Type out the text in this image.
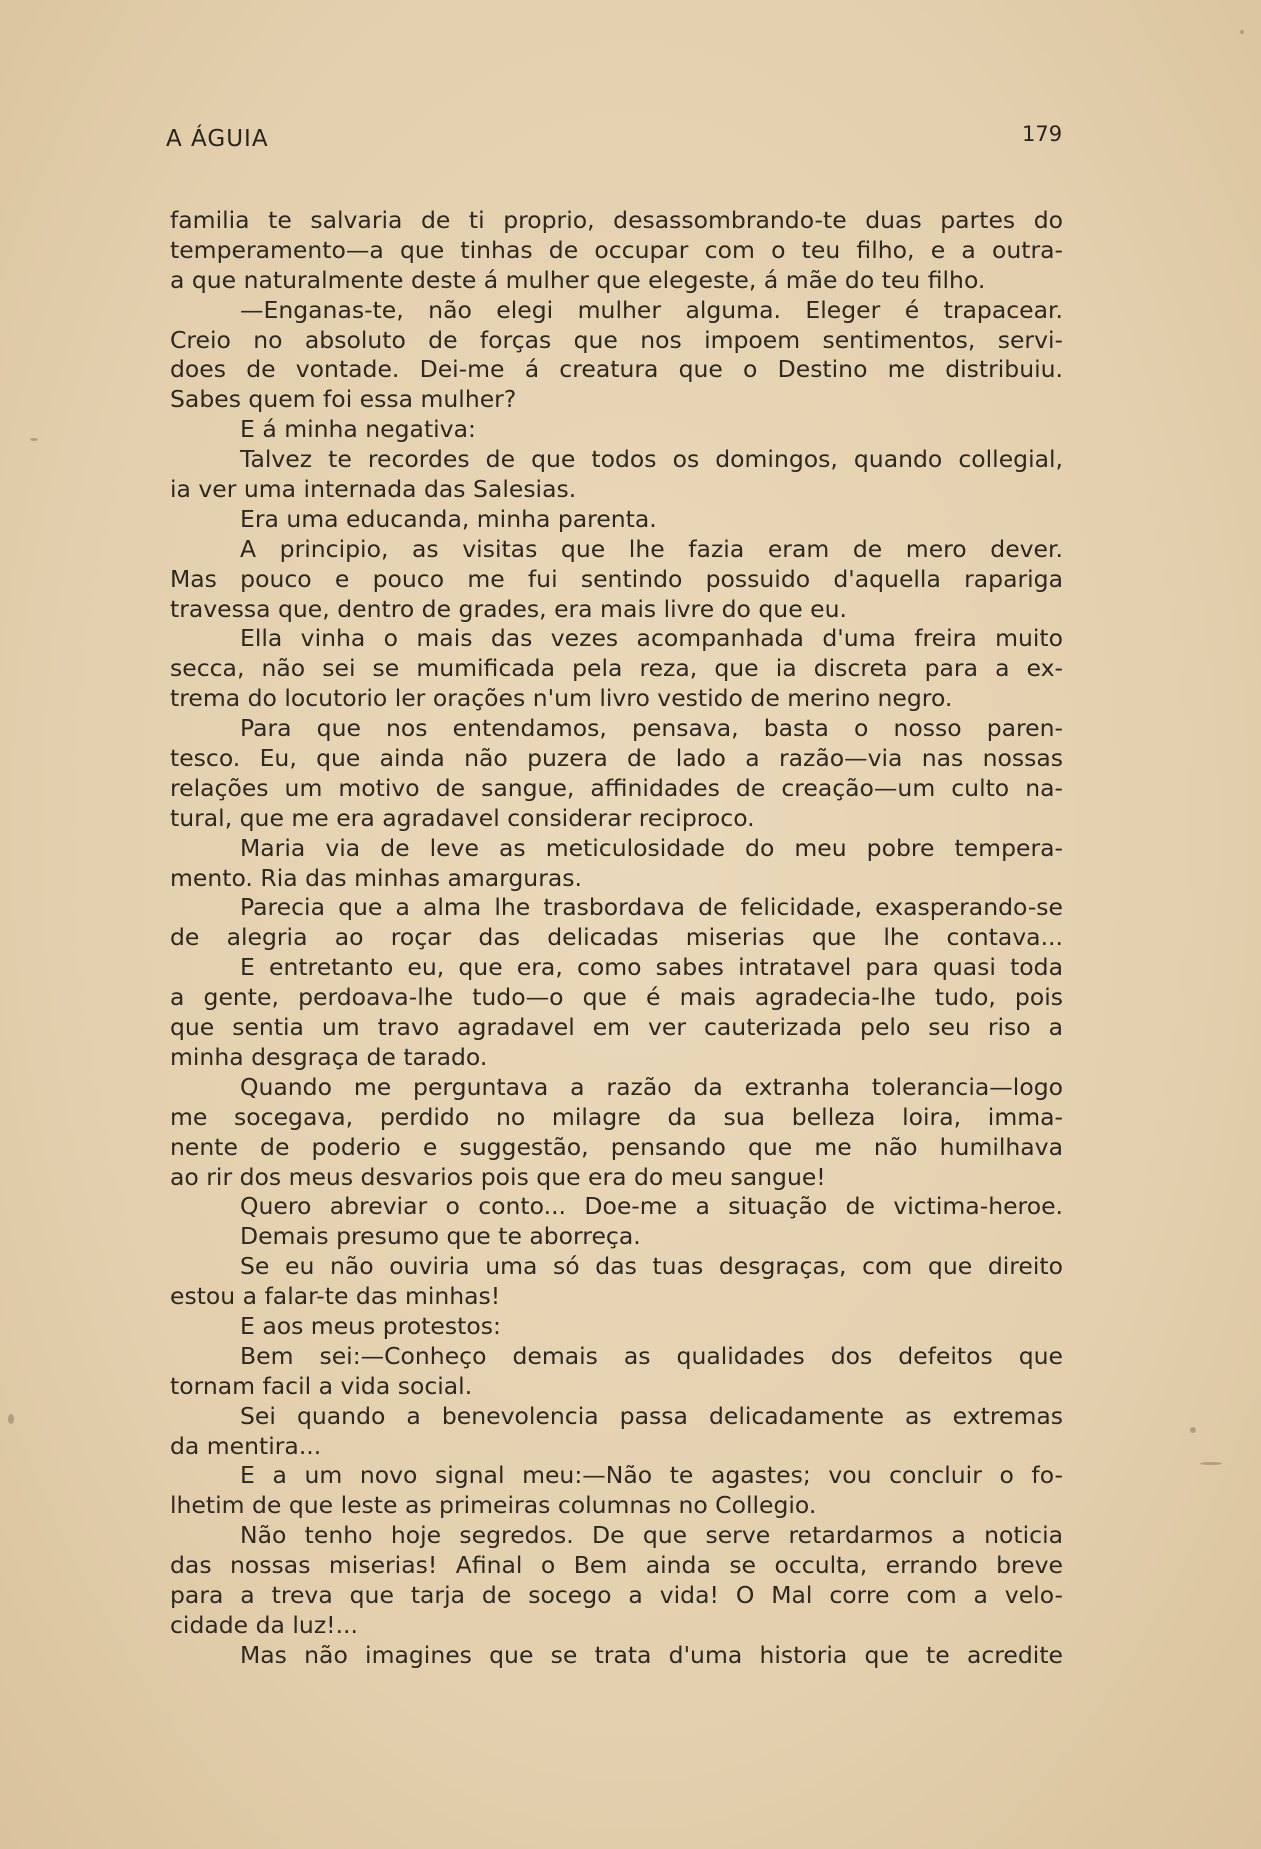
A ÁGUIA	179
familia te salvaria de ti proprio, desassombrando-te duas partes do
temperamento—a que tinhas de occupar com o teu filho, e a outra-
a que naturalmente deste á mulher que elegeste, á mãe do teu filho.
—Enganas-te, não elegi mulher alguma. Eleger é trapacear.
Creio no absoluto de forças que nos impoem sentimentos, servi-
does de vontade. Dei-me á creatura que o Destino me distribuiu.
Sabes quem foi essa mulher?
E á minha negativa:
Talvez te recordes de que todos os domingos, quando collegial,
ia ver uma internada das Salesias.
Era uma educanda, minha parenta.
A principio, as visitas que lhe fazia eram de mero dever.
Mas pouco e pouco me fui sentindo possuido d'aquella rapariga
travessa que, dentro de grades, era mais livre do que eu.
Ella vinha o mais das vezes acompanhada d'uma freira muito
secca, não sei se mumificada pela reza, que ia discreta para a ex-
trema do locutorio ler orações n'um livro vestido de merino negro.
Para que nos entendamos, pensava, basta o nosso paren-
tesco. Eu, que ainda não puzera de lado a razão—via nas nossas
relações um motivo de sangue, affinidades de creação—um culto na-
tural, que me era agradavel considerar reciproco.
Maria via de leve as meticulosidade do meu pobre tempera-
mento. Ria das minhas amarguras.
Parecia que a alma lhe trasbordava de felicidade, exasperando-se
de alegria ao roçar das delicadas miserias que lhe contava...
E entretanto eu, que era, como sabes intratavel para quasi toda
a gente, perdoava-lhe tudo—o que é mais agradecia-lhe tudo, pois
que sentia um travo agradavel em ver cauterizada pelo seu riso a
minha desgraça de tarado.
Quando me perguntava a razão da extranha tolerancia—logo
me socegava, perdido no milagre da sua belleza loira, imma-
nente de poderio e suggestão, pensando que me não humilhava
ao rir dos meus desvarios pois que era do meu sangue!
Quero abreviar o conto... Doe-me a situação de victima-heroe.
Demais presumo que te aborreça.
Se eu não ouviria uma só das tuas desgraças, com que direito
estou a falar-te das minhas!
E aos meus protestos:
Bem sei:—Conheço demais as qualidades dos defeitos que
tornam facil a vida social.
Sei quando a benevolencia passa delicadamente as extremas
da mentira...
E a um novo signal meu:—Não te agastes; vou concluir o fo-
lhetim de que leste as primeiras columnas no Collegio.
Não tenho hoje segredos. De que serve retardarmos a noticia
das nossas miserias! Afinal o Bem ainda se occulta, errando breve
para a treva que tarja de socego a vida! O Mal corre com a velo-
cidade da luz!...
Mas não imagines que se trata d'uma historia que te acredite
